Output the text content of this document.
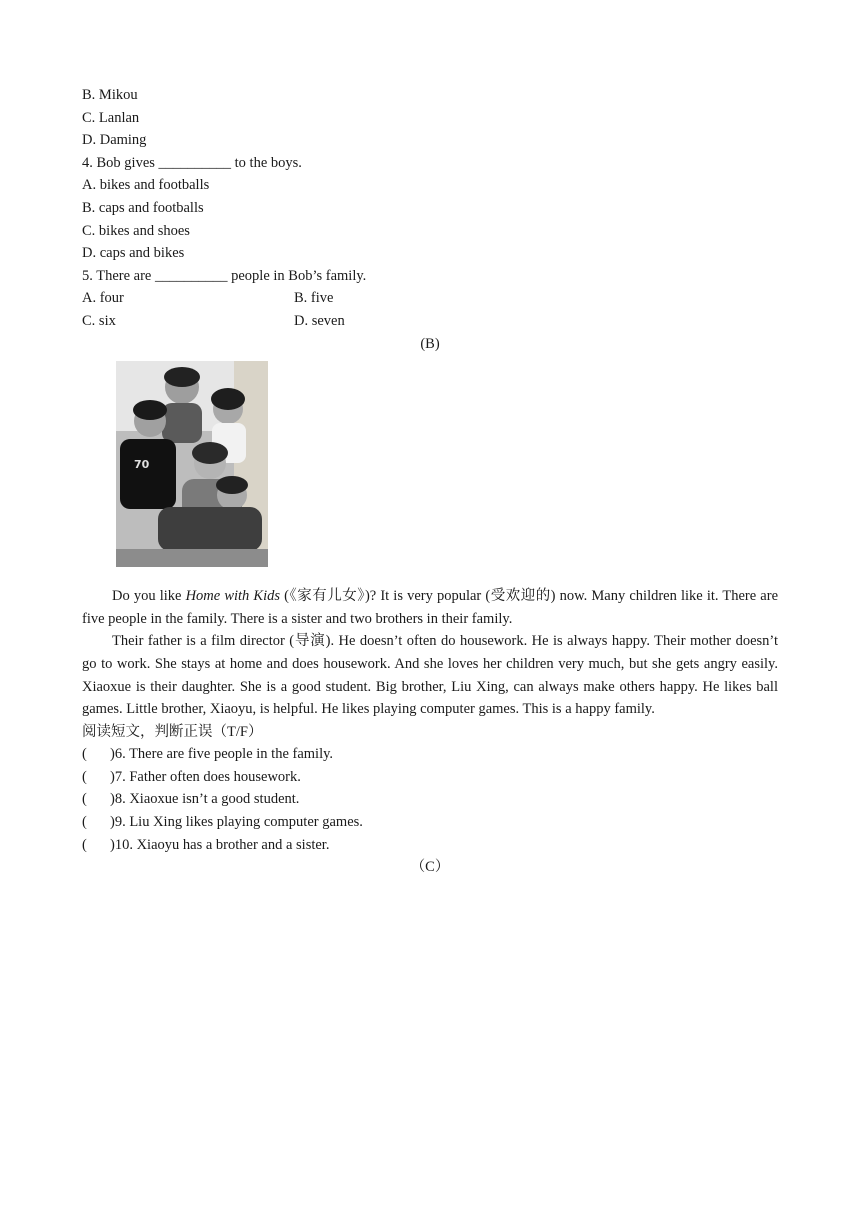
B. Mikou
C. Lanlan
D. Daming
4. Bob gives __________ to the boys.
A. bikes and footballs
B. caps and footballs
C. bikes and shoes
D. caps and bikes
5. There are __________ people in Bob’s family.
A. four	B. five
C. six	D. seven
(B)
70

Do you like Home with Kids (《家有儿女》)? It is very popular (受欢迎的) now. Many children like it. There are five people in the family. There is a sister and two brothers in their family.

Their father is a film director (导演). He doesn’t often do housework. He is always happy. Their mother doesn’t go to work. She stays at home and does housework. And she loves her children very much, but she gets angry easily. Xiaoxue is their daughter. She is a good student. Big brother, Liu Xing, can always make others happy. He likes ball games. Little brother, Xiaoyu, is helpful. He likes playing computer games. This is a happy family.

阅读短文，判断正误（T/F）
(	)6. There are five people in the family.
(	)7. Father often does housework.
(	)8. Xiaoxue isn’t a good student.
(	)9. Liu Xing likes playing computer games.
(	)10. Xiaoyu has a brother and a sister.
（C）
